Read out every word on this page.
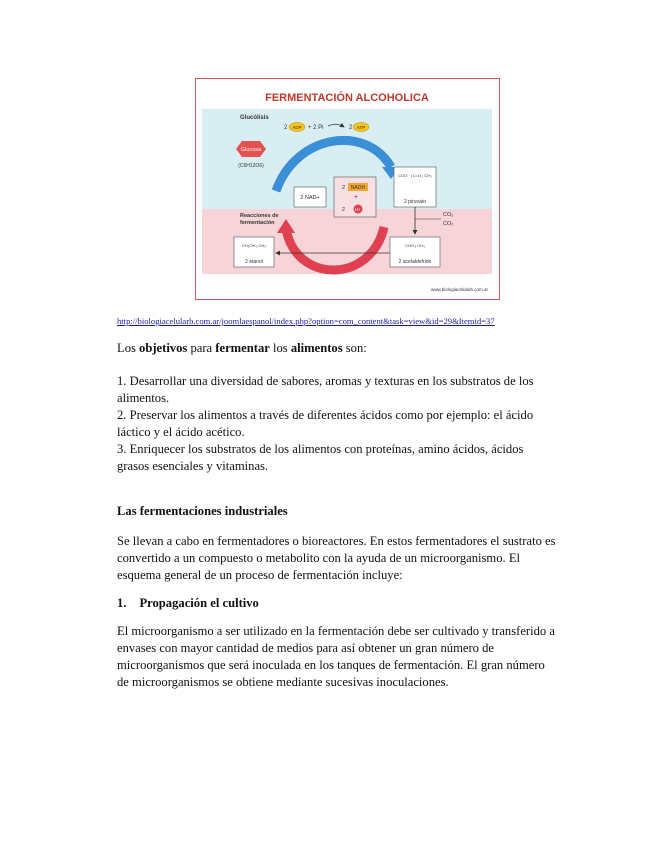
FERMENTACIÓN ALCOHOLICA
Glucólisis
2 ADP + 2 Pi	2 ATP
Glucosa
(C6H12O6)
2 NADH
+
2 H+
2 NAD+
COO⁻ | C=O | CH₃
2 piruvato
CO₂
CO₂
Reacciones de
fermentación
CH₂OH | CH₃
2 etanol
CHO | CH₃
2 acetaldehído
www.biologiacelularb.com.ar
http://biologiacelularb.com.ar/joomlaespanol/index.php?option=com_content&task=view&id=29&Itemid=37

Los objetivos para fermentar los alimentos son:

1. Desarrollar una diversidad de sabores, aromas y texturas en los substratos de los alimentos.

2. Preservar los alimentos a través de diferentes ácidos como por ejemplo: el ácido láctico y el ácido acético.

3. Enriquecer los substratos de los alimentos con proteínas, amino ácidos, ácidos grasos esenciales y vitaminas.

Las fermentaciones industriales

Se llevan a cabo en fermentadores o bioreactores. En estos fermentadores el sustrato es convertido a un compuesto o metabolito con la ayuda de un microorganismo. El esquema general de un proceso de fermentación incluye:

1. Propagación el cultivo

El microorganismo a ser utilizado en la fermentación debe ser cultivado y transferido a envases con mayor cantidad de medios para así obtener un gran número de microorganismos que será inoculada en los tanques de fermentación. El gran número de microorganismos se obtiene mediante sucesivas inoculaciones.
